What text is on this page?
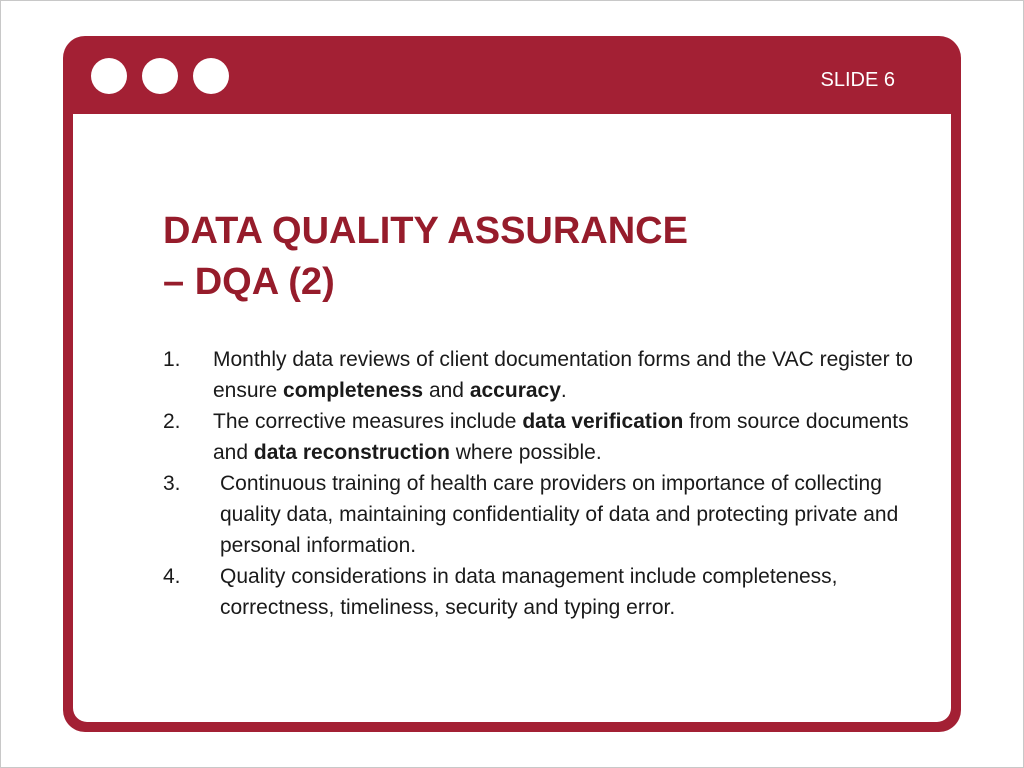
SLIDE 6
DATA QUALITY ASSURANCE
– DQA (2)
1. Monthly data reviews of client documentation forms and the VAC register to ensure completeness and accuracy.
2. The corrective measures include data verification from source documents and data reconstruction where possible.
3. Continuous training of health care providers on importance of collecting quality data, maintaining confidentiality of data and protecting private and personal information.
4. Quality considerations in data management include completeness, correctness, timeliness, security and typing error.
